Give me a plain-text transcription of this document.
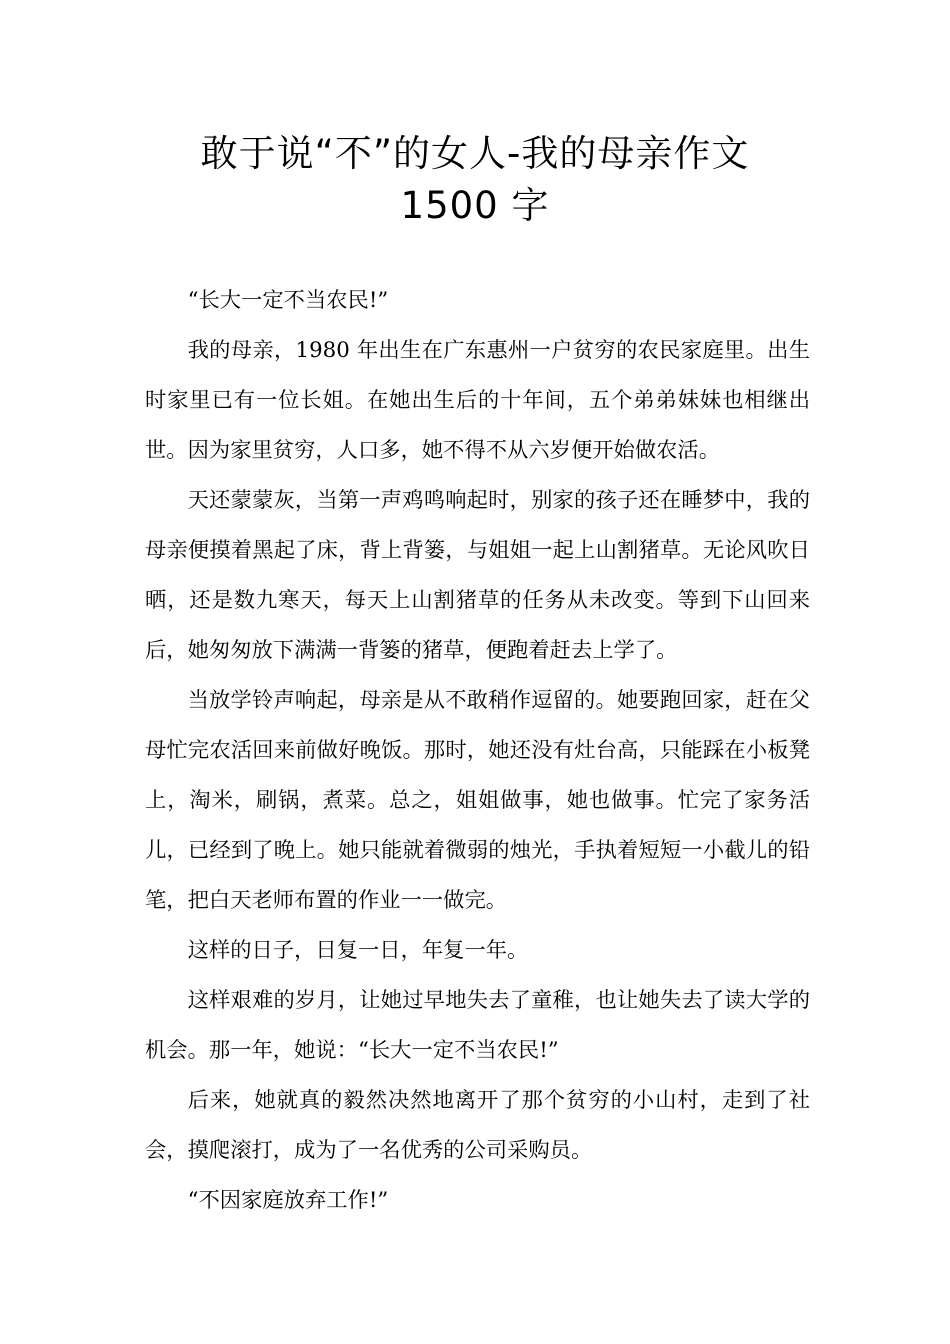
敢于说“不”的女人-我的母亲作文
1500 字

“长大一定不当农民!”

我的母亲，1980 年出生在广东惠州一户贫穷的农民家庭里。出生时家里已有一位长姐。在她出生后的十年间，五个弟弟妹妹也相继出世。因为家里贫穷，人口多，她不得不从六岁便开始做农活。

天还蒙蒙灰，当第一声鸡鸣响起时，别家的孩子还在睡梦中，我的母亲便摸着黑起了床，背上背篓，与姐姐一起上山割猪草。无论风吹日晒，还是数九寒天，每天上山割猪草的任务从未改变。等到下山回来后，她匆匆放下满满一背篓的猪草，便跑着赶去上学了。

当放学铃声响起，母亲是从不敢稍作逗留的。她要跑回家，赶在父母忙完农活回来前做好晚饭。那时，她还没有灶台高，只能踩在小板凳上，淘米，刷锅，煮菜。总之，姐姐做事，她也做事。忙完了家务活儿，已经到了晚上。她只能就着微弱的烛光，手执着短短一小截儿的铅笔，把白天老师布置的作业一一做完。

这样的日子，日复一日，年复一年。

这样艰难的岁月，让她过早地失去了童稚，也让她失去了读大学的机会。那一年，她说：“长大一定不当农民!”

后来，她就真的毅然决然地离开了那个贫穷的小山村，走到了社会，摸爬滚打，成为了一名优秀的公司采购员。

“不因家庭放弃工作!”
